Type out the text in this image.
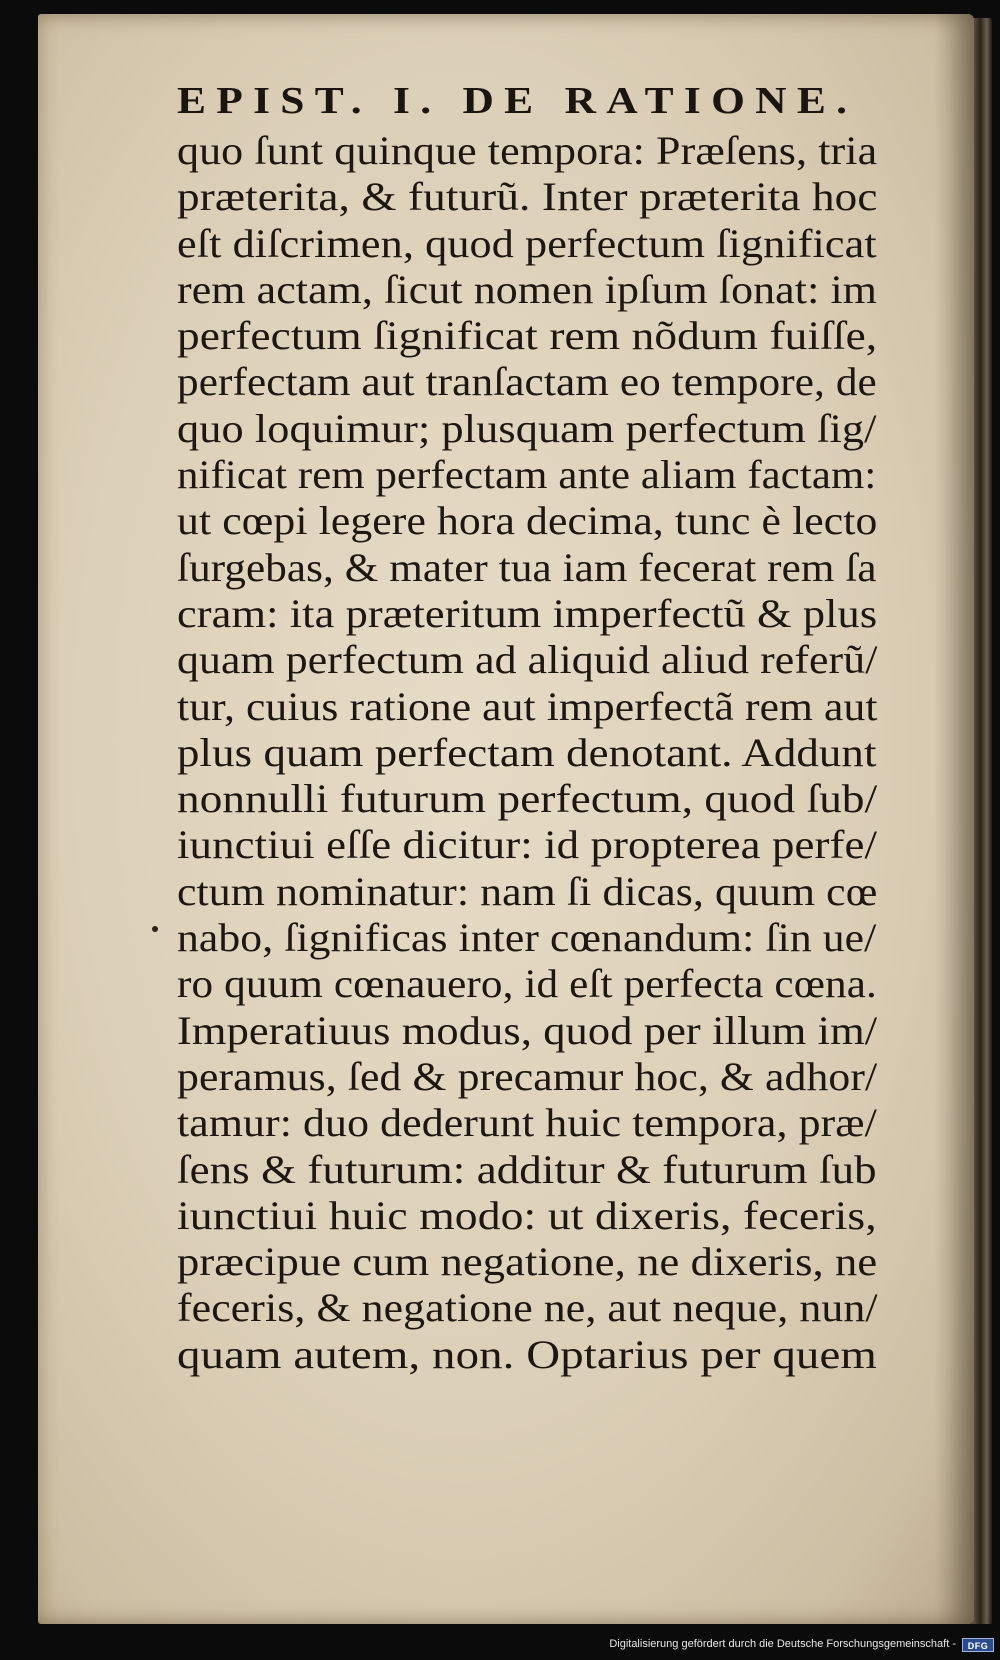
EPIST. I. DE RATIONE.
quo ſunt quinque tempora: Præſens, tria
præterita, & futurũ. Inter præterita hoc
eſt diſcrimen, quod perfectum ſignificat
rem actam, ſicut nomen ipſum ſonat: im
perfectum ſignificat rem nõdum fuiſſe,
perfectam aut tranſactam eo tempore, de
quo loquimur; plusquam perfectum ſig/
nificat rem perfectam ante aliam factam:
ut cœpi legere hora decima, tunc è lecto
ſurgebas, & mater tua iam fecerat rem ſa
cram: ita præteritum imperfectũ & plus
quam perfectum ad aliquid aliud referũ/
tur, cuius ratione aut imperfectã rem aut
plus quam perfectam denotant. Addunt
nonnulli futurum perfectum, quod ſub/
iunctiui eſſe dicitur: id propterea perfe/
ctum nominatur: nam ſi dicas, quum cœ
nabo, ſignificas inter cœnandum: ſin ue/
ro quum cœnauero, id eſt perfecta cœna.
Imperatiuus modus, quod per illum im/
peramus, ſed & precamur hoc, & adhor/
tamur: duo dederunt huic tempora, præ/
ſens & futurum: additur & futurum ſub
iunctiui huic modo: ut dixeris, feceris,
præcipue cum negatione, ne dixeris, ne
feceris, & negatione ne, aut neque, nun/
quam autem, non. Optarius per quem
Digitalisierung gefördert durch die Deutsche Forschungsgemeinschaft -	DFG
